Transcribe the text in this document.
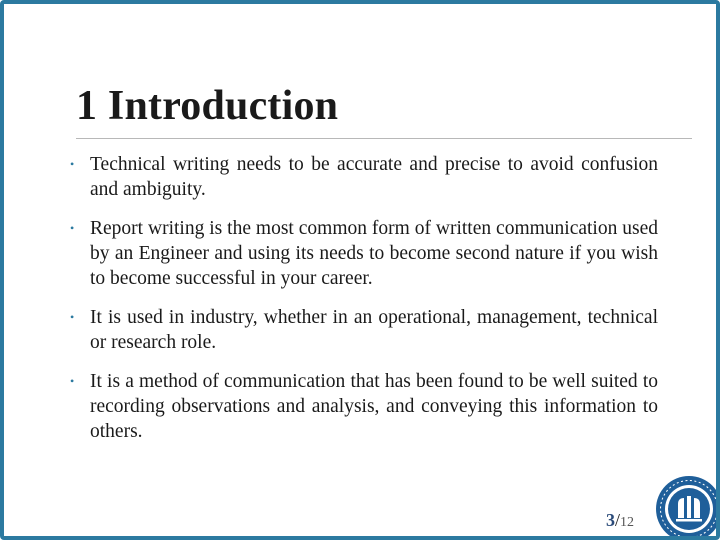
1 Introduction
• Technical writing needs to be accurate and precise to avoid confusion and ambiguity.
• Report writing is the most common form of written communication used by an Engineer and using its needs to become second nature if you wish to become successful in your career.
• It is used in industry, whether in an operational, management, technical or research role.
• It is a method of communication that has been found to be well suited to recording observations and analysis, and conveying this information to others.
3/12
